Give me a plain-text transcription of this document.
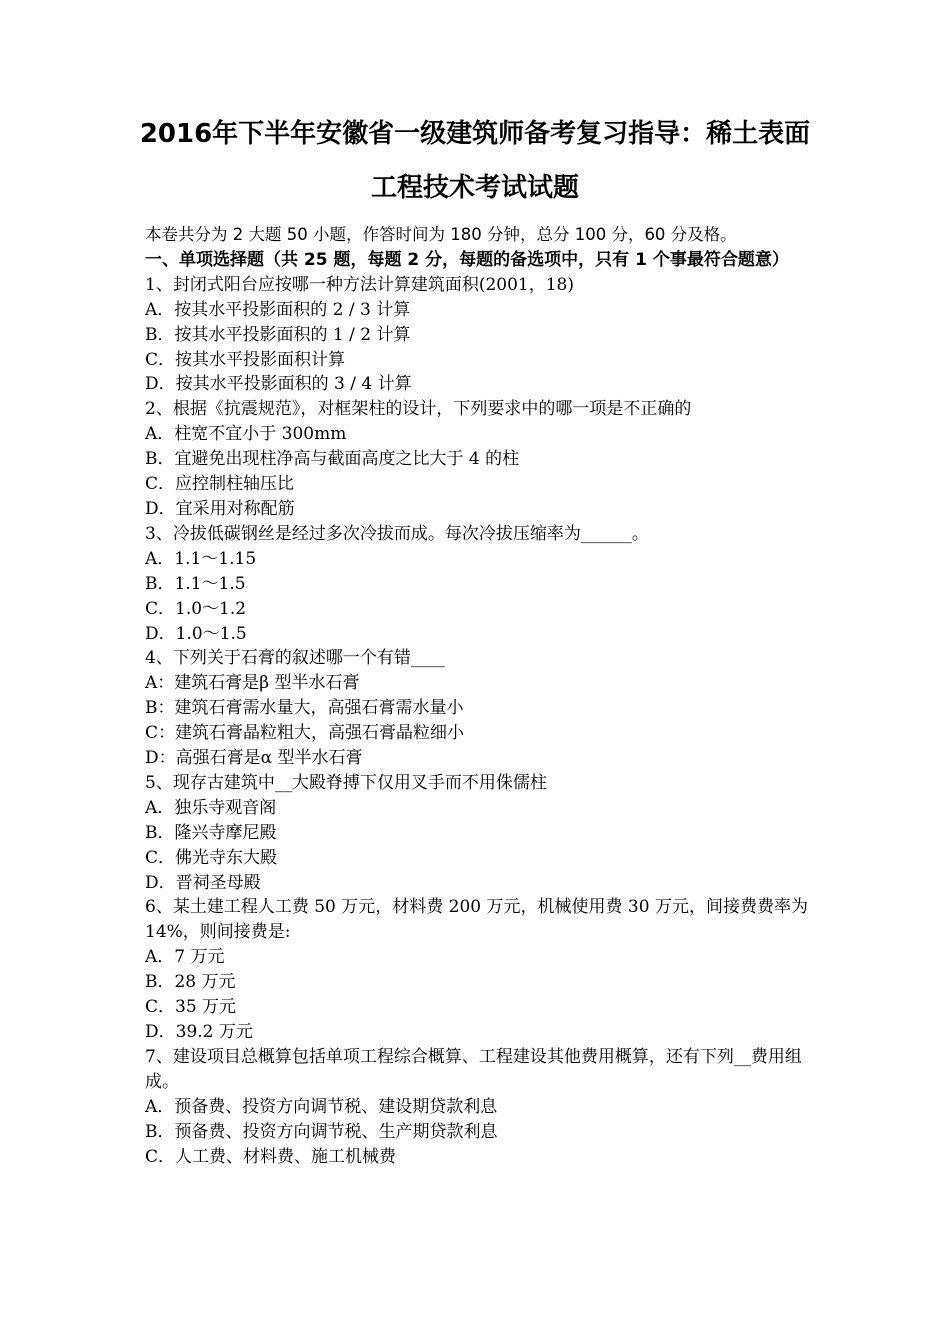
2016年下半年安徽省一级建筑师备考复习指导：稀土表面
工程技术考试试题
本卷共分为 2 大题 50 小题，作答时间为 180 分钟，总分 100 分，60 分及格。
一、单项选择题（共 25 题，每题 2 分，每题的备选项中，只有 1 个事最符合题意）
1、封闭式阳台应按哪一种方法计算建筑面积(2001，18)
A．按其水平投影面积的 2 / 3 计算
B．按其水平投影面积的 1 / 2 计算
C．按其水平投影面积计算
D．按其水平投影面积的 3 / 4 计算
2、根据《抗震规范》，对框架柱的设计，下列要求中的哪一项是不正确的
A．柱宽不宜小于 300mm
B．宜避免出现柱净高与截面高度之比大于 4 的柱
C．应控制柱轴压比
D．宜采用对称配筋
3、冷拔低碳钢丝是经过多次冷拔而成。每次冷拔压缩率为______。
A．1.1～1.15
B．1.1～1.5
C．1.0～1.2
D．1.0～1.5
4、下列关于石膏的叙述哪一个有错____
A：建筑石膏是β 型半水石膏
B：建筑石膏需水量大，高强石膏需水量小
C：建筑石膏晶粒粗大，高强石膏晶粒细小
D：高强石膏是α 型半水石膏
5、现存古建筑中__大殿脊搏下仅用叉手而不用侏儒柱
A．独乐寺观音阁
B．隆兴寺摩尼殿
C．佛光寺东大殿
D．晋祠圣母殿
6、某土建工程人工费 50 万元，材料费 200 万元，机械使用费 30 万元，间接费费率为 14%，则间接费是:
A．7 万元
B．28 万元
C．35 万元
D．39.2 万元
7、建设项目总概算包括单项工程综合概算、工程建设其他费用概算，还有下列__费用组成。
A．预备费、投资方向调节税、建设期贷款利息
B．预备费、投资方向调节税、生产期贷款利息
C．人工费、材料费、施工机械费
